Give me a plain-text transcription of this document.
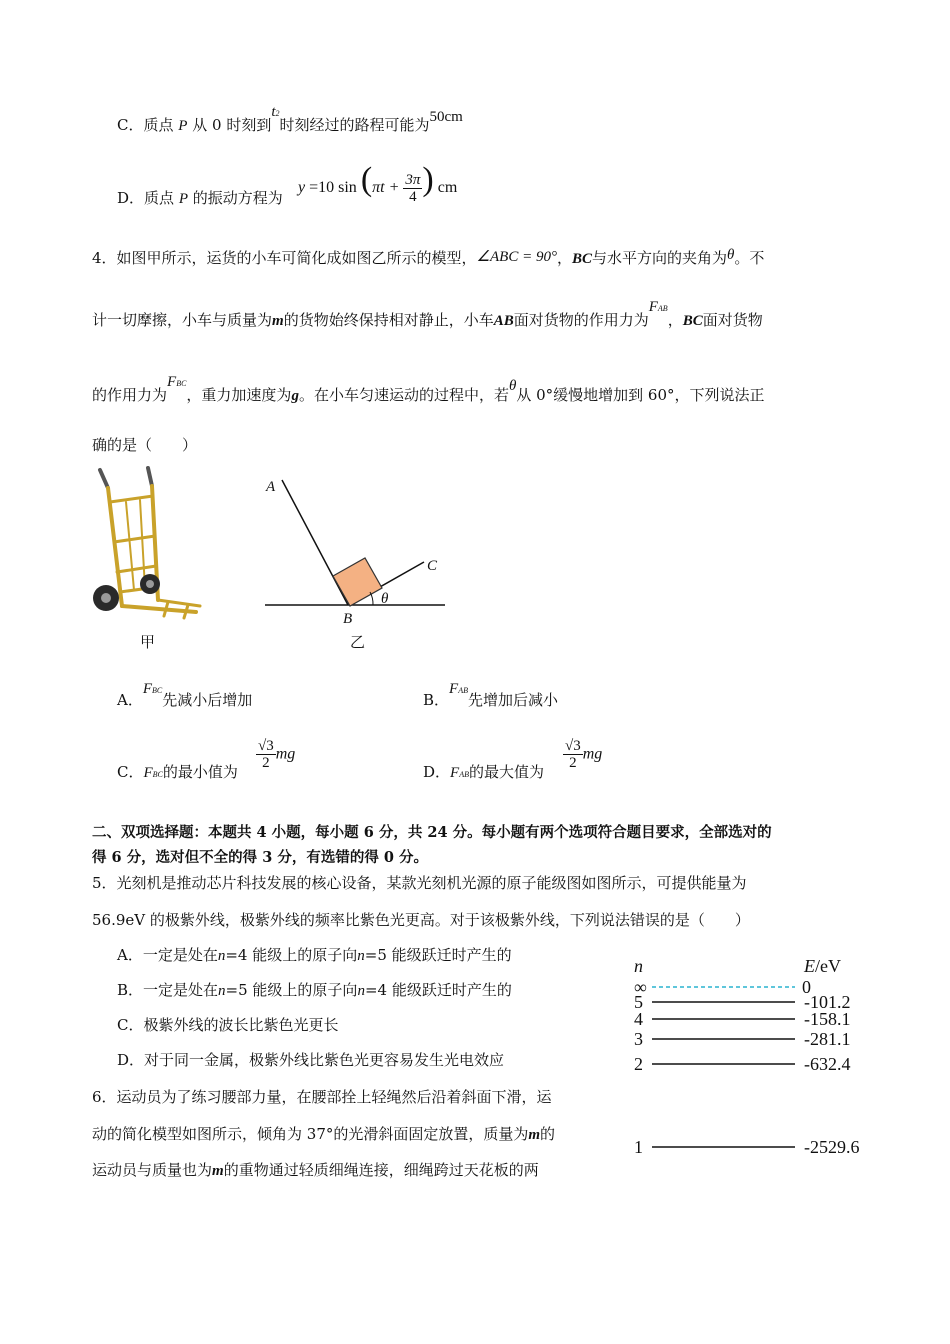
C．质点 P 从 0 时刻到t2时刻经过的路程可能为50cm
D．质点 P 的振动方程为
y =10 $\sin (\pi t + \frac{3\pi}{4}$ ) cm
4．如图甲所示，运货的小车可简化成如图乙所示的模型，∠ABC = 90°，BC与水平方向的夹角为θ。不
计一切摩擦，小车与质量为m的货物始终保持相对静止，小车AB面对货物的作用力为FAB，BC面对货物
的作用力为FBC，重力加速度为g。在小车匀速运动的过程中，若θ从 0°缓慢地增加到 60°，下列说法正
确的是（　　）
甲
A
B
C
θ
乙
A．FBC先减小后增加	B．FAB先增加后减小
C．FBC的最小值为
$\frac{√3}{2}$ mg
D．FAB的最大值为
$\frac{√3}{2}$ mg
二、双项选择题：本题共 4 小题，每小题 6 分，共 24 分。每小题有两个选项符合题目要求，全部选对的
得 6 分，选对但不全的得 3 分，有选错的得 0 分。
5．光刻机是推动芯片科技发展的核心设备，某款光刻机光源的原子能级图如图所示，可提供能量为
56.9eV 的极紫外线，极紫外线的频率比紫色光更高。对于该极紫外线，下列说法错误的是（　　）
A．一定是处在n=4 能级上的原子向n=5 能级跃迁时产生的
B．一定是处在n=5 能级上的原子向n=4 能级跃迁时产生的
C．极紫外线的波长比紫色光更长
D．对于同一金属，极紫外线比紫色光更容易发生光电效应
n	E/eV
∞	0
5	-101.2
4	-158.1
3	-281.1
2	-632.4
1	-2529.6
6．运动员为了练习腰部力量，在腰部拴上轻绳然后沿着斜面下滑，运
动的简化模型如图所示，倾角为 37°的光滑斜面固定放置，质量为m的
运动员与质量也为m的重物通过轻质细绳连接，细绳跨过天花板的两
